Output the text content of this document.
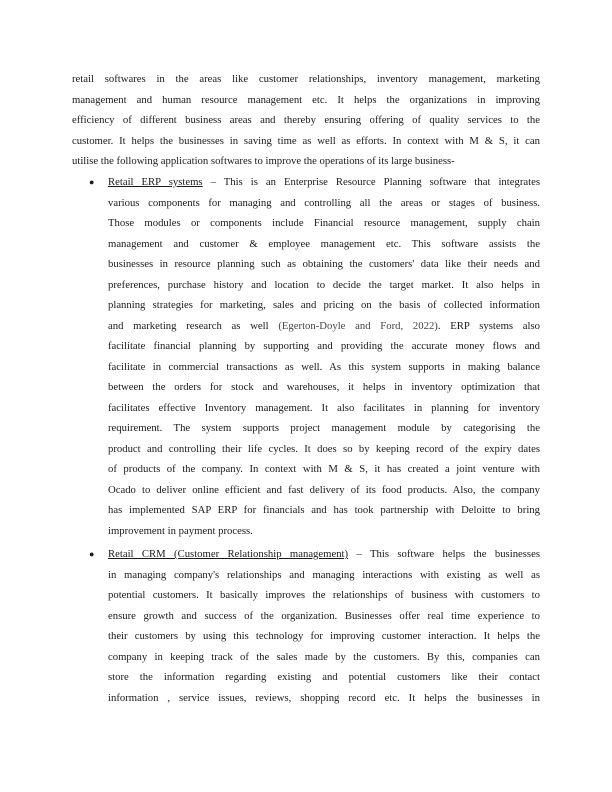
retail softwares in the areas like customer relationships, inventory management, marketing
management and human resource management etc. It helps the organizations in improving
efficiency of different business areas and thereby ensuring offering of quality services to the
customer. It helps the businesses in saving time as well as efforts. In context with M & S, it can
utilise the following application softwares to improve the operations of its large business-
● Retail ERP systems – This is an Enterprise Resource Planning software that integrates
various components for managing and controlling all the areas or stages of business.
Those modules or components include Financial resource management, supply chain
management and customer & employee management etc. This software assists the
businesses in resource planning such as obtaining the customers' data like their needs and
preferences, purchase history and location to decide the target market. It also helps in
planning strategies for marketing, sales and pricing on the basis of collected information
and marketing research as well (Egerton-Doyle and Ford, 2022). ERP systems also
facilitate financial planning by supporting and providing the accurate money flows and
facilitate in commercial transactions as well. As this system supports in making balance
between the orders for stock and warehouses, it helps in inventory optimization that
facilitates effective Inventory management. It also facilitates in planning for inventory
requirement. The system supports project management module by categorising the
product and controlling their life cycles. It does so by keeping record of the expiry dates
of products of the company. In context with M & S, it has created a joint venture with
Ocado to deliver online efficient and fast delivery of its food products. Also, the company
has implemented SAP ERP for financials and has took partnership with Deloitte to bring
improvement in payment process.
● Retail CRM (Customer Relationship management) – This software helps the businesses
in managing company's relationships and managing interactions with existing as well as
potential customers. It basically improves the relationships of business with customers to
ensure growth and success of the organization. Businesses offer real time experience to
their customers by using this technology for improving customer interaction. It helps the
company in keeping track of the sales made by the customers. By this, companies can
store the information regarding existing and potential customers like their contact
information , service issues, reviews, shopping record etc. It helps the businesses in
